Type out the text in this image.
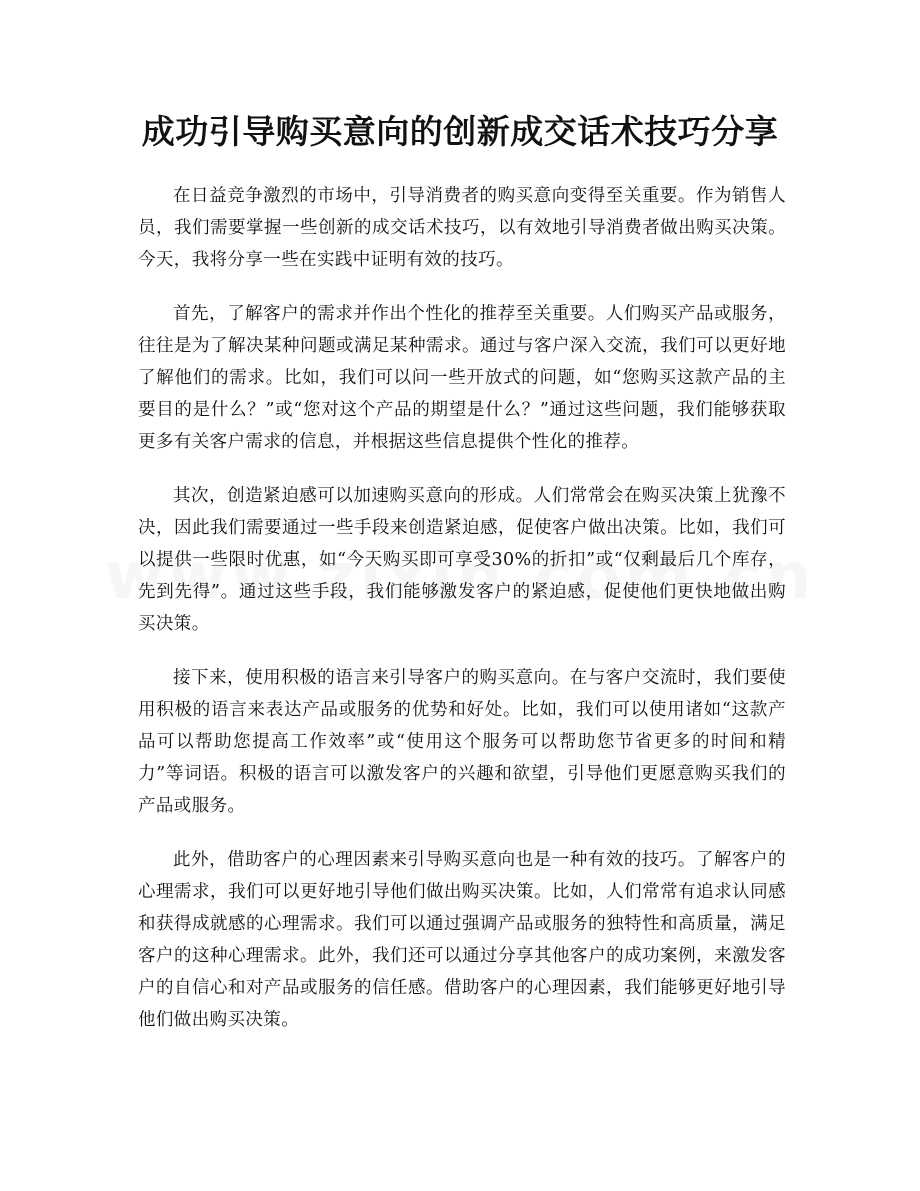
成功引导购买意向的创新成交话术技巧分享

在日益竞争激烈的市场中，引导消费者的购买意向变得至关重要。作为销售人员，我们需要掌握一些创新的成交话术技巧，以有效地引导消费者做出购买决策。今天，我将分享一些在实践中证明有效的技巧。

首先，了解客户的需求并作出个性化的推荐至关重要。人们购买产品或服务，往往是为了解决某种问题或满足某种需求。通过与客户深入交流，我们可以更好地了解他们的需求。比如，我们可以问一些开放式的问题，如“您购买这款产品的主要目的是什么？”或“您对这个产品的期望是什么？”通过这些问题，我们能够获取更多有关客户需求的信息，并根据这些信息提供个性化的推荐。

其次，创造紧迫感可以加速购买意向的形成。人们常常会在购买决策上犹豫不决，因此我们需要通过一些手段来创造紧迫感，促使客户做出决策。比如，我们可以提供一些限时优惠，如“今天购买即可享受30%的折扣”或“仅剩最后几个库存，先到先得”。通过这些手段，我们能够激发客户的紧迫感，促使他们更快地做出购买决策。

接下来，使用积极的语言来引导客户的购买意向。在与客户交流时，我们要使用积极的语言来表达产品或服务的优势和好处。比如，我们可以使用诸如“这款产品可以帮助您提高工作效率”或“使用这个服务可以帮助您节省更多的时间和精力”等词语。积极的语言可以激发客户的兴趣和欲望，引导他们更愿意购买我们的产品或服务。

此外，借助客户的心理因素来引导购买意向也是一种有效的技巧。了解客户的心理需求，我们可以更好地引导他们做出购买决策。比如，人们常常有追求认同感和获得成就感的心理需求。我们可以通过强调产品或服务的独特性和高质量，满足客户的这种心理需求。此外，我们还可以通过分享其他客户的成功案例，来激发客户的自信心和对产品或服务的信任感。借助客户的心理因素，我们能够更好地引导他们做出购买决策。
